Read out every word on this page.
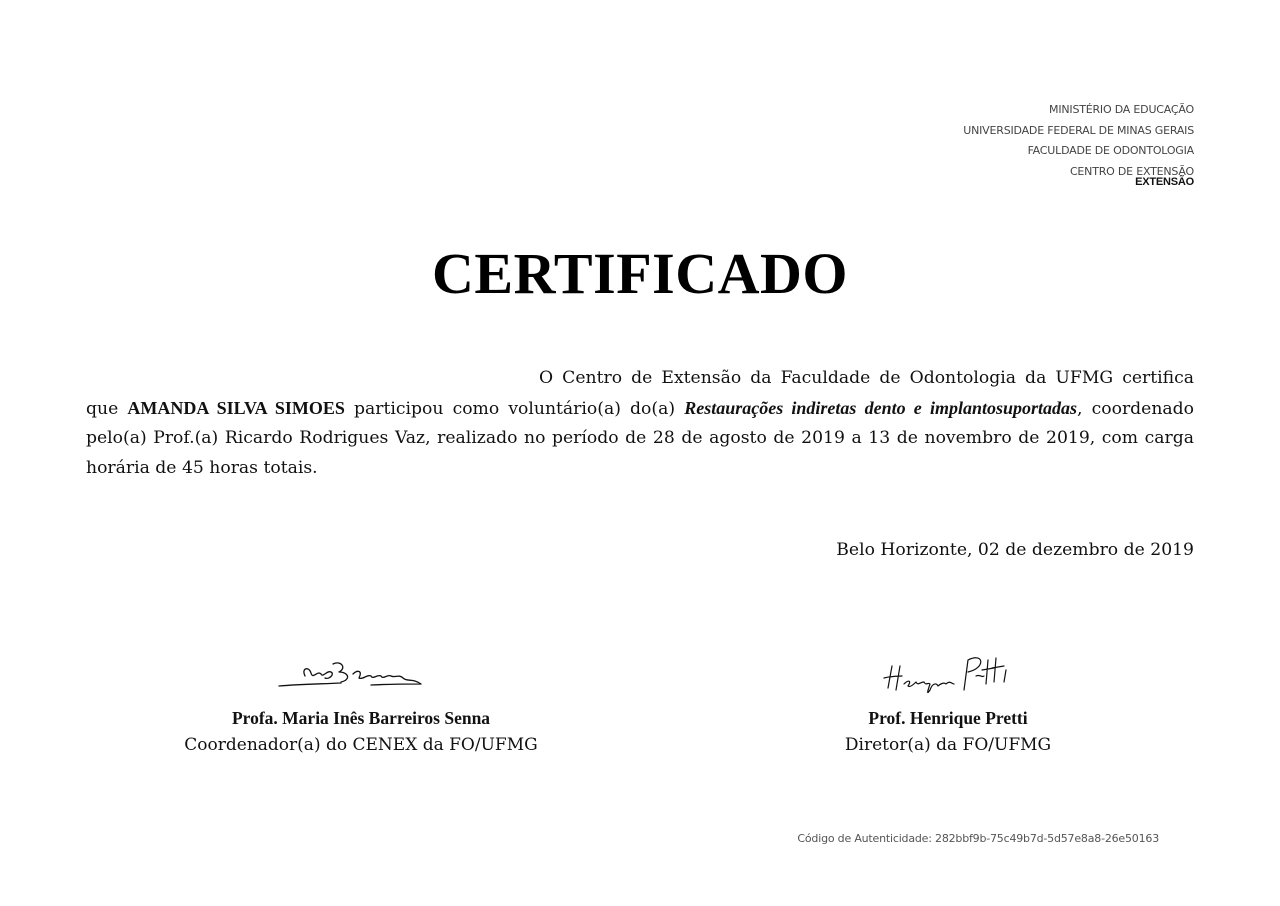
MINISTÉRIO DA EDUCAÇÃO
UNIVERSIDADE FEDERAL DE MINAS GERAIS
FACULDADE DE ODONTOLOGIA
CENTRO DE EXTENSÃO
EXTENSÃO
CERTIFICADO
O Centro de Extensão da Faculdade de Odontologia da UFMG certifica que AMANDA SILVA SIMOES participou como voluntário(a) do(a) Restaurações indiretas dento e implantosuportadas, coordenado pelo(a) Prof.(a) Ricardo Rodrigues Vaz, realizado no período de 28 de agosto de 2019 a 13 de novembro de 2019, com carga horária de 45 horas totais.
Belo Horizonte, 02 de dezembro de 2019
Profa. Maria Inês Barreiros Senna
Coordenador(a) do CENEX da FO/UFMG
Prof. Henrique Pretti
Diretor(a) da FO/UFMG
Código de Autenticidade: 282bbf9b-75c49b7d-5d57e8a8-26e50163
